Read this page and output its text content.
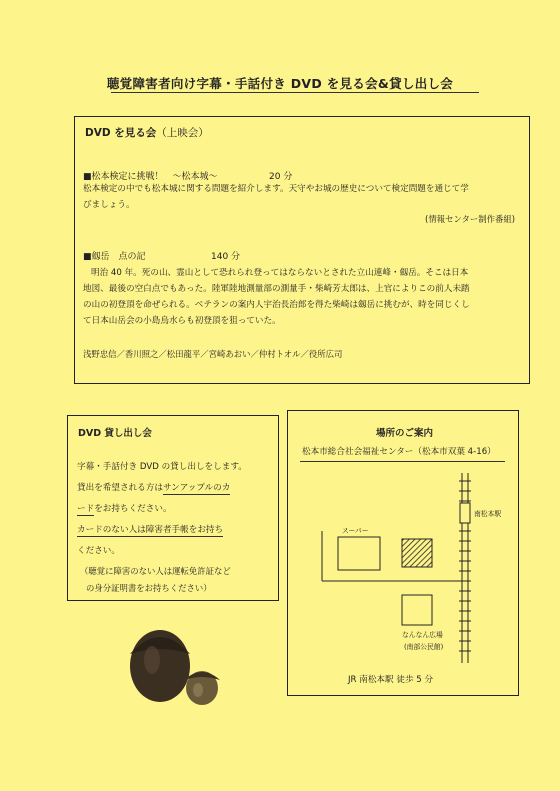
聴覚障害者向け字幕・手話付き DVD を見る会&貸し出し会
DVD を見る会（上映会）
■松本検定に挑戦！　～松本城～	20 分
松本検定の中でも松本城に関する問題を紹介します。天守やお城の歴史について検定問題を通じて学
びましょう。
(情報センター制作番組)
■劔岳　点の記	140 分
明治 40 年。死の山、霊山として恐れられ登ってはならないとされた立山連峰・劔岳。そこは日本
地図、最後の空白点でもあった。陸軍陸地測量部の測量手・柴崎芳太郎は、上官によりこの前人未踏
の山の初登頂を命ぜられる。ベテランの案内人宇治長治郎を得た柴崎は劔岳に挑むが、時を同じくし
て日本山岳会の小島烏水らも初登頂を狙っていた。
浅野忠信／香川照之／松田龍平／宮崎あおい／仲村トオル／役所広司
DVD 貸し出し会
字幕・手話付き DVD の貸し出しをします。
貸出を希望される方はサンアップルのカ
ードをお持ちください。
カードのない人は障害者手帳をお持ち
ください。
（聴覚に障害のない人は運転免許証など
の身分証明書をお持ちください）
場所のご案内
松本市総合社会福祉センター（松本市双葉 4-16）
南松本駅
スーパー
なんなん広場
(南部公民館)
JR 南松本駅 徒歩 5 分
